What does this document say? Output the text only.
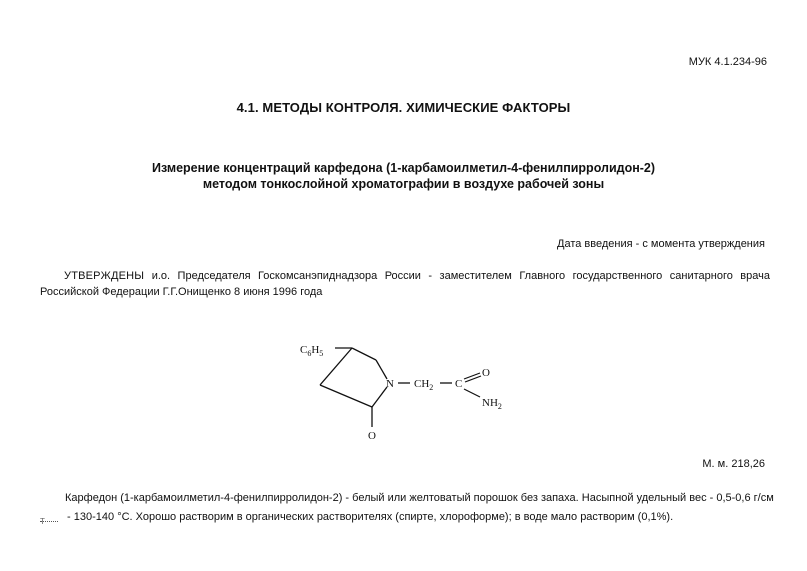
МУК 4.1.234-96
4.1. МЕТОДЫ КОНТРОЛЯ. ХИМИЧЕСКИЕ ФАКТОРЫ
Измерение концентраций карфедона (1-карбамоилметил-4-фенилпирролидон-2)
методом тонкослойной хроматографии в воздухе рабочей зоны
Дата введения - с момента утверждения
УТВЕРЖДЕНЫ и.о. Председателя Госкомсанэпиднадзора России - заместителем Главного государственного санитарного врача Российской Федерации Г.Г.Онищенко 8 июня 1996 года
$C_6H_5$
N
O
$CH_2$ C
O
$NH_2$
М. м. 218,26
Карфедон (1-карбамоилметил-4-фенилпирролидон-2) - белый или желтоватый порошок без запаха. Насыпной удельный вес - 0,5-0,6 г/см
Т - 130-140 °С. Хорошо растворим в органических растворителях (спирте, хлороформе); в воде мало растворим (0,1%).
